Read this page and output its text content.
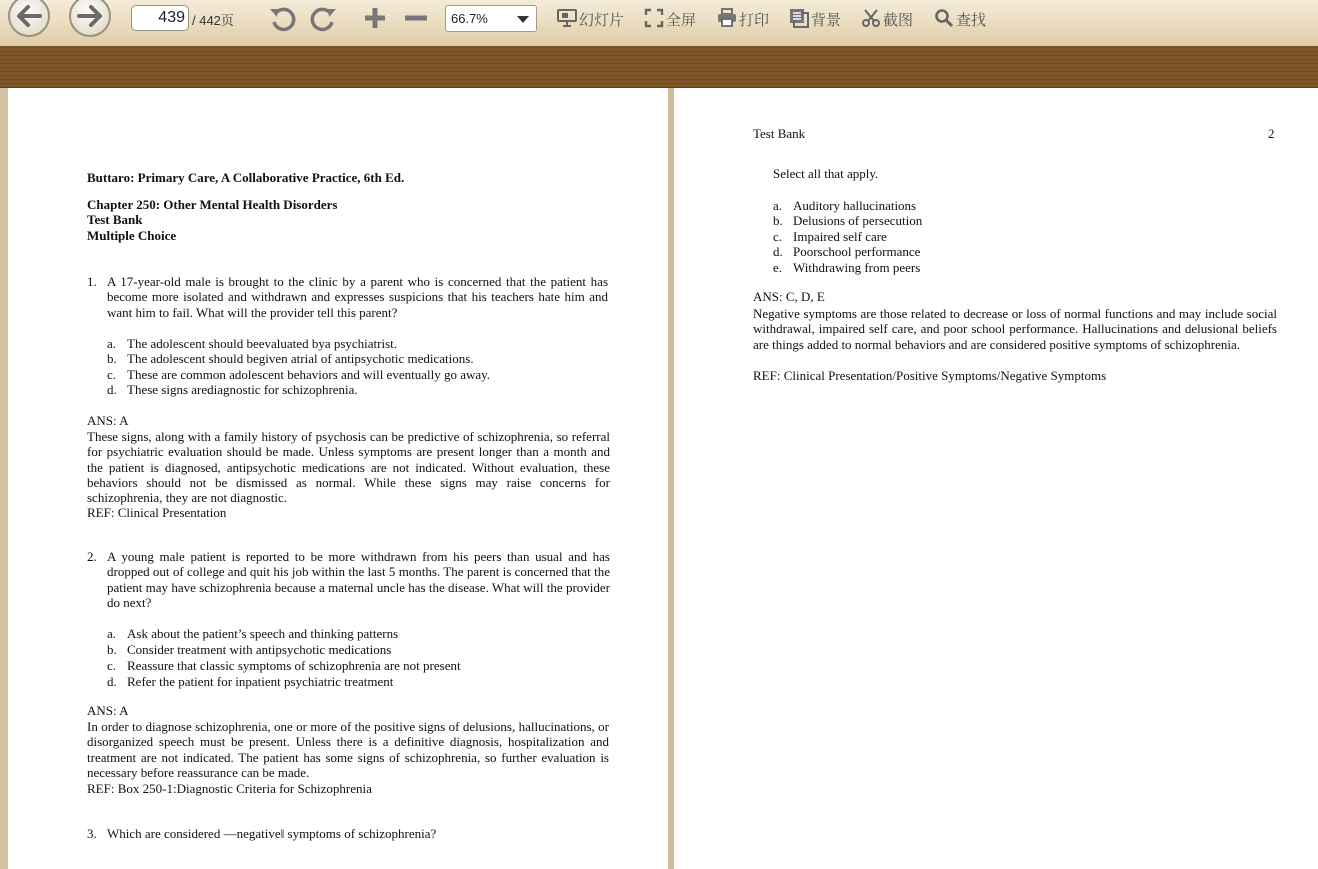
439 / 442页	66.7%	幻灯片	全屏	打印	背景	截图	查找
Buttaro: Primary Care, A Collaborative Practice, 6th Ed.
Chapter 250: Other Mental Health Disorders
Test Bank
Multiple Choice
1. A 17-year-old male is brought to the clinic by a parent who is concerned that the patient has become more isolated and withdrawn and expresses suspicions that his teachers hate him and want him to fail. What will the provider tell this parent?
a. The adolescent should beevaluated bya psychiatrist.
b. The adolescent should begiven atrial of antipsychotic medications.
c. These are common adolescent behaviors and will eventually go away.
d. These signs arediagnostic for schizophrenia.
ANS: A
These signs, along with a family history of psychosis can be predictive of schizophrenia, so referral for psychiatric evaluation should be made. Unless symptoms are present longer than a month and the patient is diagnosed, antipsychotic medications are not indicated. Without evaluation, these behaviors should not be dismissed as normal. While these signs may raise concerns for schizophrenia, they are not diagnostic.
REF: Clinical Presentation
2. A young male patient is reported to be more withdrawn from his peers than usual and has dropped out of college and quit his job within the last 5 months. The parent is concerned that the patient may have schizophrenia because a maternal uncle has the disease. What will the provider do next?
a. Ask about the patient’s speech and thinking patterns
b. Consider treatment with antipsychotic medications
c. Reassure that classic symptoms of schizophrenia are not present
d. Refer the patient for inpatient psychiatric treatment
ANS: A
In order to diagnose schizophrenia, one or more of the positive signs of delusions, hallucinations, or disorganized speech must be present. Unless there is a definitive diagnosis, hospitalization and treatment are not indicated. The patient has some signs of schizophrenia, so further evaluation is necessary before reassurance can be made.
REF: Box 250-1:Diagnostic Criteria for Schizophrenia
3. Which are considered ―negative‖ symptoms of schizophrenia?
Test Bank	2
Select all that apply.
a. Auditory hallucinations
b. Delusions of persecution
c. Impaired self care
d. Poorschool performance
e. Withdrawing from peers
ANS: C, D, E
Negative symptoms are those related to decrease or loss of normal functions and may include social withdrawal, impaired self care, and poor school performance. Hallucinations and delusional beliefs are things added to normal behaviors and are considered positive symptoms of schizophrenia.
REF: Clinical Presentation/Positive Symptoms/Negative Symptoms
